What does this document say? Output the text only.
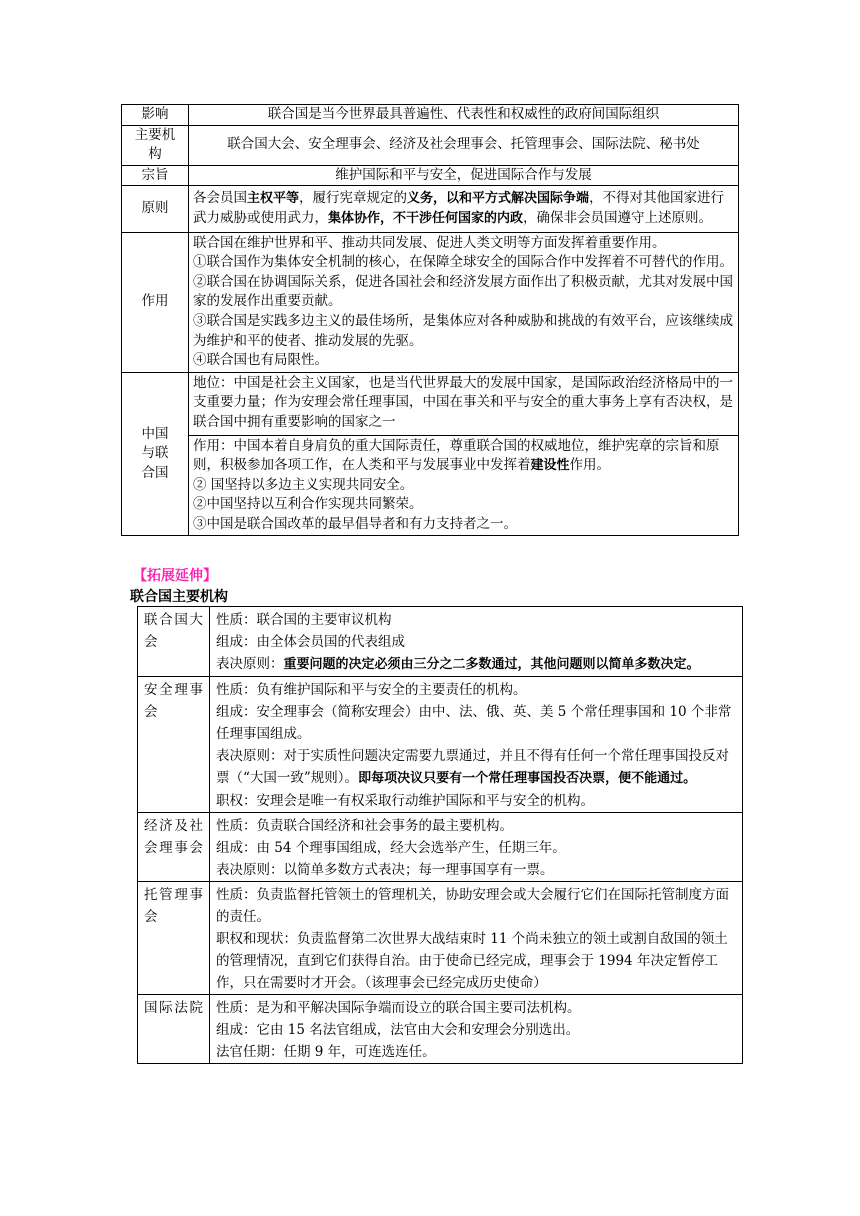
影响	联合国是当今世界最具普遍性、代表性和权威性的政府间国际组织
主要机构	联合国大会、安全理事会、经济及社会理事会、托管理事会、国际法院、秘书处
宗旨	维护国际和平与安全，促进国际合作与发展
原则	各会员国主权平等，履行宪章规定的义务，以和平方式解决国际争端，不得对其他国家进行武力威胁或使用武力，集体协作，不干涉任何国家的内政，确保非会员国遵守上述原则。
作用	联合国在维护世界和平、推动共同发展、促进人类文明等方面发挥着重要作用。
①联合国作为集体安全机制的核心，在保障全球安全的国际合作中发挥着不可替代的作用。
②联合国在协调国际关系，促进各国社会和经济发展方面作出了积极贡献，尤其对发展中国家的发展作出重要贡献。
③联合国是实践多边主义的最佳场所，是集体应对各种威胁和挑战的有效平台，应该继续成为维护和平的使者、推动发展的先驱。
④联合国也有局限性。

中国与联合国	地位：中国是社会主义国家，也是当代世界最大的发展中国家，是国际政治经济格局中的一支重要力量；作为安理会常任理事国，中国在事关和平与安全的重大事务上享有否决权，是联合国中拥有重要影响的国家之一
作用：中国本着自身肩负的重大国际责任，尊重联合国的权威地位，维护宪章的宗旨和原则，积极参加各项工作，在人类和平与发展事业中发挥着建设性作用。
② 国坚持以多边主义实现共同安全。
②中国坚持以互利合作实现共同繁荣。
③中国是联合国改革的最早倡导者和有力支持者之一。
【拓展延伸】
联合国主要机构
联合国大会	性质：联合国的主要审议机构
组成：由全体会员国的代表组成
表决原则：重要问题的决定必须由三分之二多数通过，其他问题则以简单多数决定。

安全理事会	性质：负有维护国际和平与安全的主要责任的机构。
组成：安全理事会（简称安理会）由中、法、俄、英、美 5 个常任理事国和 10 个非常任理事国组成。
表决原则：对于实质性问题决定需要九票通过，并且不得有任何一个常任理事国投反对票（“大国一致”规则）。即每项决议只要有一个常任理事国投否决票，便不能通过。
职权：安理会是唯一有权采取行动维护国际和平与安全的机构。

经济及社会理事会	性质：负责联合国经济和社会事务的最主要机构。
组成：由 54 个理事国组成，经大会选举产生，任期三年。
表决原则：以简单多数方式表决；每一理事国享有一票。

托管理事会	性质：负责监督托管领土的管理机关，协助安理会或大会履行它们在国际托管制度方面的责任。
职权和现状：负责监督第二次世界大战结束时 11 个尚未独立的领土或割自敌国的领土的管理情况，直到它们获得自治。由于使命已经完成，理事会于 1994 年决定暂停工作，只在需要时才开会。（该理事会已经完成历史使命）

国际法院	性质：是为和平解决国际争端而设立的联合国主要司法机构。
组成：它由 15 名法官组成，法官由大会和安理会分别选出。
法官任期：任期 9 年，可连选连任。
